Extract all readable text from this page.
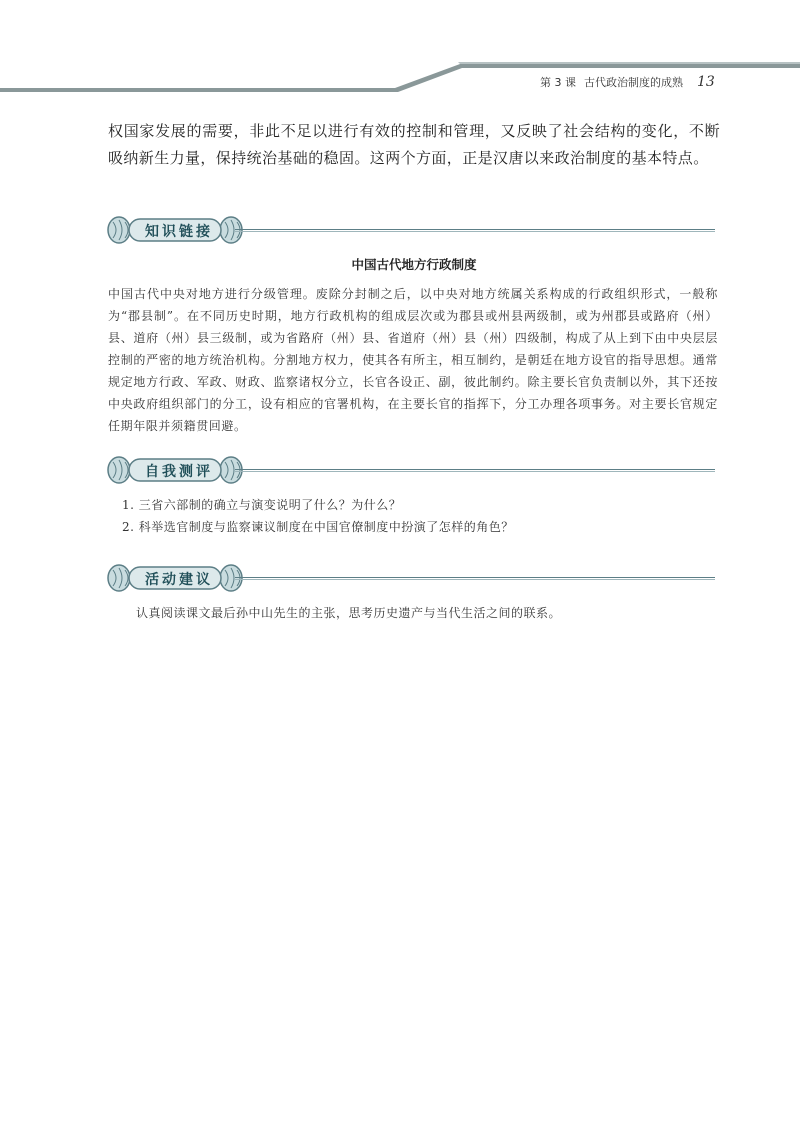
第 3 课 古代政治制度的成熟 13
权国家发展的需要，非此不足以进行有效的控制和管理，又反映了社会结构的变化，不断吸纳新生力量，保持统治基础的稳固。这两个方面，正是汉唐以来政治制度的基本特点。
知识链接
中国古代地方行政制度
中国古代中央对地方进行分级管理。废除分封制之后，以中央对地方统属关系构成的行政组织形式，一般称为“郡县制”。在不同历史时期，地方行政机构的组成层次或为郡县或州县两级制，或为州郡县或路府（州）县、道府（州）县三级制，或为省路府（州）县、省道府（州）县（州）四级制，构成了从上到下由中央层层控制的严密的地方统治机构。分割地方权力，使其各有所主，相互制约，是朝廷在地方设官的指导思想。通常规定地方行政、军政、财政、监察诸权分立，长官各设正、副，彼此制约。除主要长官负责制以外，其下还按中央政府组织部门的分工，设有相应的官署机构，在主要长官的指挥下，分工办理各项事务。对主要长官规定任期年限并须籍贯回避。
自我测评
1. 三省六部制的确立与演变说明了什么？为什么？
2. 科举选官制度与监察谏议制度在中国官僚制度中扮演了怎样的角色？
活动建议
认真阅读课文最后孙中山先生的主张，思考历史遗产与当代生活之间的联系。
